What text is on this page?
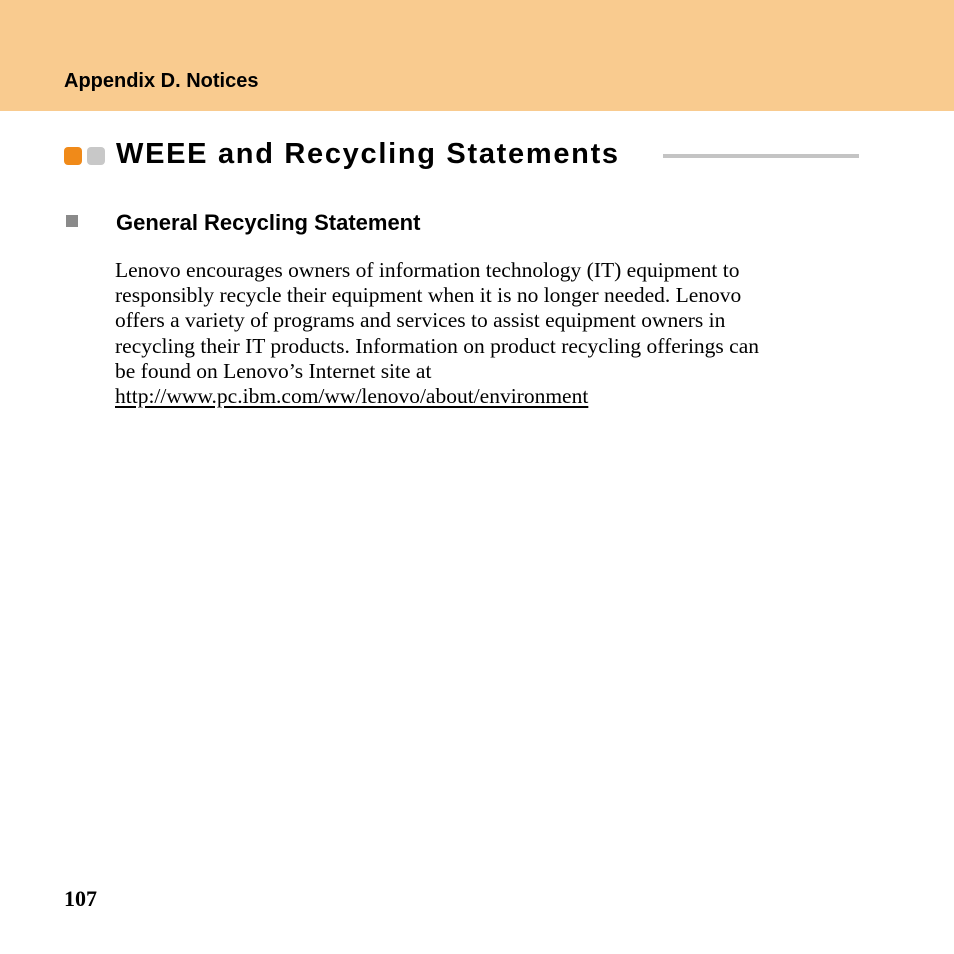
Appendix D. Notices
WEEE and Recycling Statements
General Recycling Statement
Lenovo encourages owners of information technology (IT) equipment to
responsibly recycle their equipment when it is no longer needed. Lenovo
offers a variety of programs and services to assist equipment owners in
recycling their IT products. Information on product recycling offerings can
be found on Lenovo’s Internet site at
http://www.pc.ibm.com/ww/lenovo/about/environment
107
